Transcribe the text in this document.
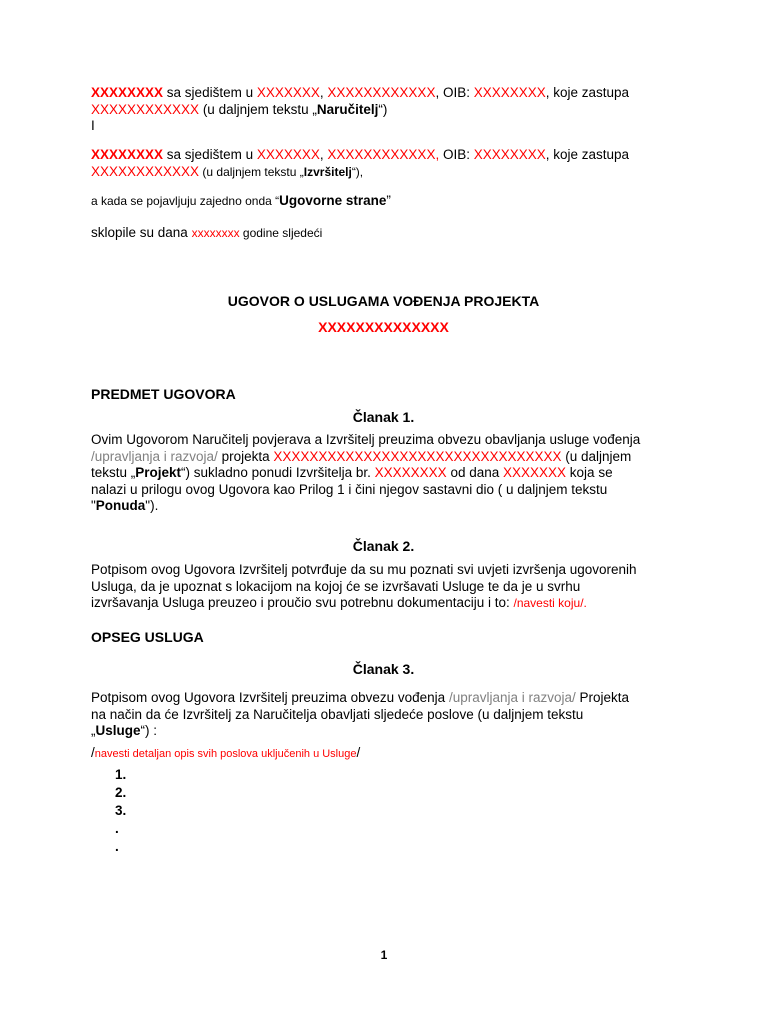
XXXXXXXX sa sjedištem u XXXXXXX, XXXXXXXXXXXX, OIB: XXXXXXXX, koje zastupa
XXXXXXXXXXXX (u daljnjem tekstu „Naručitelj“)

I

XXXXXXXX sa sjedištem u XXXXXXX, XXXXXXXXXXXX, OIB: XXXXXXXX, koje zastupa
XXXXXXXXXXXX (u daljnjem tekstu „Izvršitelj“),

a kada se pojavljuju zajedno onda “Ugovorne strane”

sklopile su dana xxxxxxxx godine sljedeći

UGOVOR O USLUGAMA VOĐENJA PROJEKTA

XXXXXXXXXXXXXX

PREDMET UGOVORA

Članak 1.

Ovim Ugovorom Naručitelj povjerava a Izvršitelj preuzima obvezu obavljanja usluge vođenja
/upravljanja i razvoja/ projekta XXXXXXXXXXXXXXXXXXXXXXXXXXXXXXXX (u daljnjem
tekstu „Projekt“) sukladno ponudi Izvršitelja br. XXXXXXXX od dana XXXXXXX koja se
nalazi u prilogu ovog Ugovora kao Prilog 1 i čini njegov sastavni dio ( u daljnjem tekstu
"Ponuda").

Članak 2.

Potpisom ovog Ugovora Izvršitelj potvrđuje da su mu poznati svi uvjeti izvršenja ugovorenih
Usluga, da je upoznat s lokacijom na kojoj će se izvršavati Usluge te da je u svrhu
izvršavanja Usluga preuzeo i proučio svu potrebnu dokumentaciju i to: /navesti koju/.

OPSEG USLUGA

Članak 3.

Potpisom ovog Ugovora Izvršitelj preuzima obvezu vođenja /upravljanja i razvoja/ Projekta
na način da će Izvršitelj za Naručitelja obavljati sljedeće poslove (u daljnjem tekstu
„Usluge“) :

/navesti detaljan opis svih poslova uključenih u Usluge/

1.
2.
3.
.
.
1
